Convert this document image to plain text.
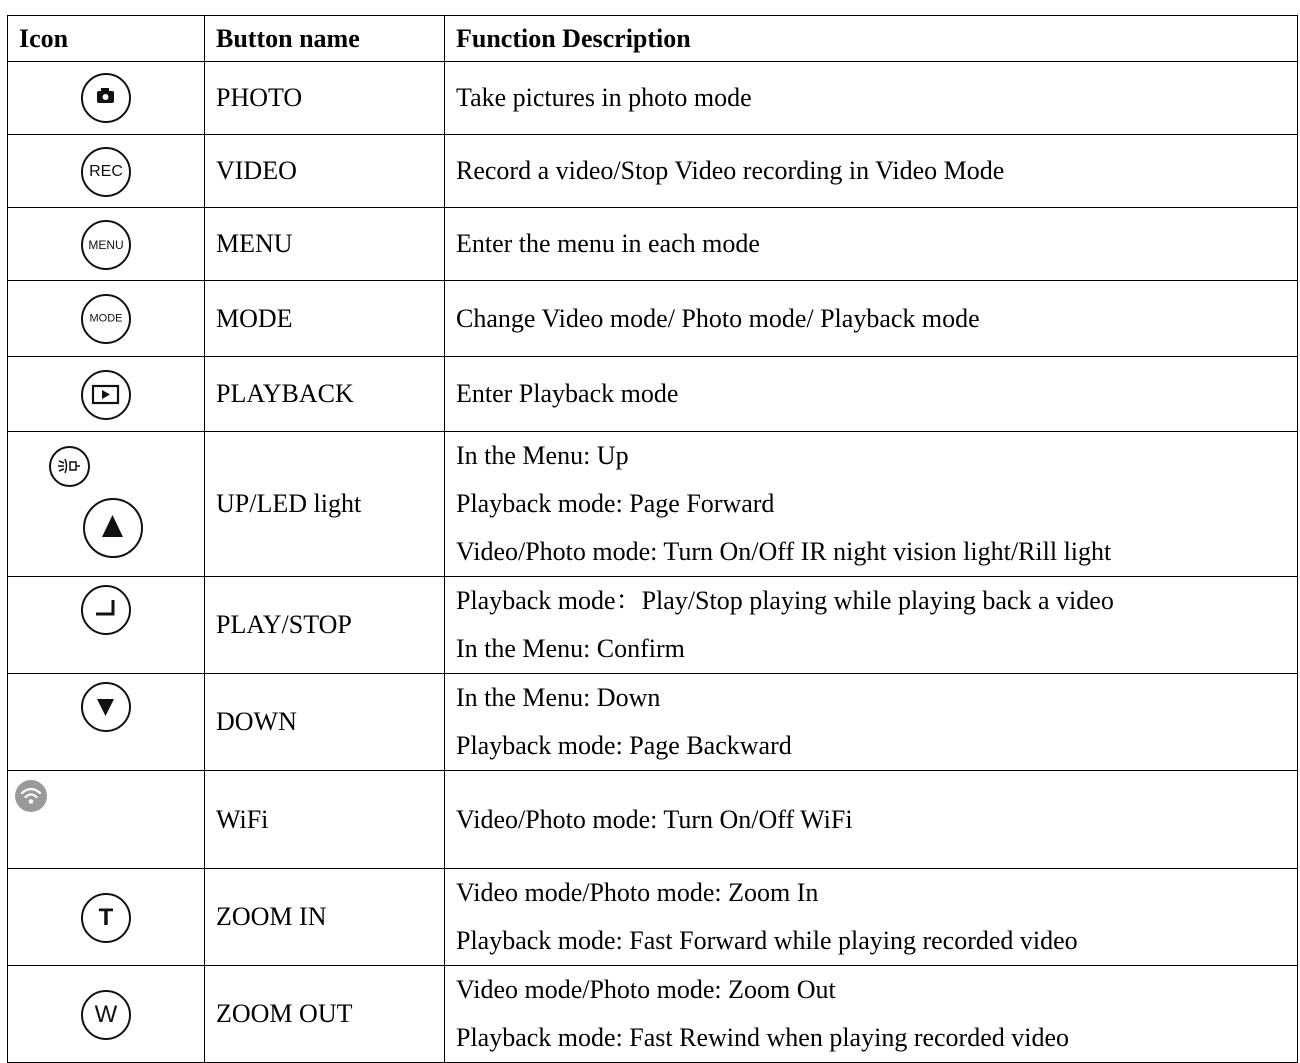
Icon	Button name	Function Description

	PHOTO	Take pictures in photo mode

REC	VIDEO	Record a video/Stop Video recording in Video Mode

MENU	MENU	Enter the menu in each mode

MODE	MODE	Change Video mode/ Photo mode/ Playback mode

	PLAYBACK	Enter Playback mode

	UP/LED light	In the Menu: Up
Playback mode: Page Forward
Video/Photo mode: Turn On/Off IR night vision light/Rill light

	PLAY/STOP	Playback mode：Play/Stop playing while playing back a video
In the Menu: Confirm

	DOWN	In the Menu: Down
Playback mode: Page Backward

	WiFi	Video/Photo mode: Turn On/Off WiFi

T	ZOOM IN	Video mode/Photo mode: Zoom In
Playback mode: Fast Forward while playing recorded video

W	ZOOM OUT	Video mode/Photo mode: Zoom Out
Playback mode: Fast Rewind when playing recorded video
